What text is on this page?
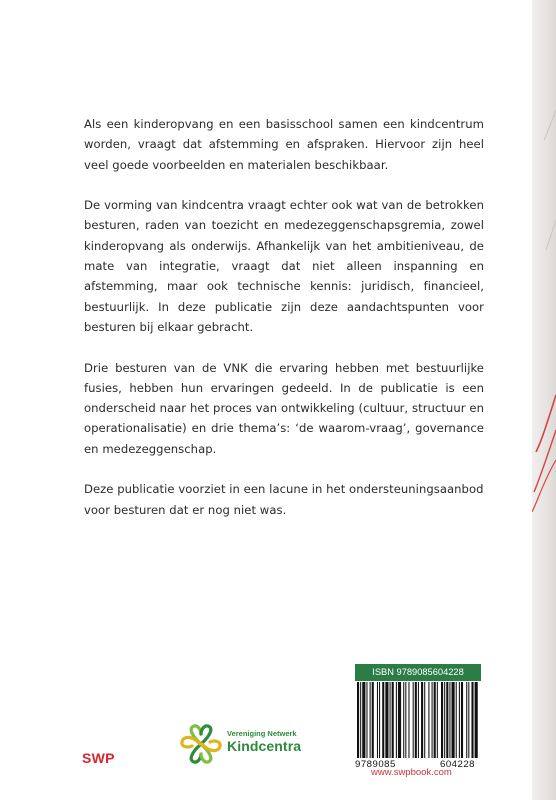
Als een kinderopvang en een basisschool samen een kindcentrum worden, vraagt dat afstemming en afspraken. Hiervoor zijn heel veel goede voorbeelden en materialen beschikbaar.

De vorming van kindcentra vraagt echter ook wat van de betrokken besturen, raden van toezicht en medezeggenschapsgremia, zowel kinderopvang als onderwijs. Afhankelijk van het ambitieniveau, de mate van integratie, vraagt dat niet alleen inspanning en afstemming, maar ook technische kennis: juridisch, financieel, bestuurlijk. In deze publicatie zijn deze aandachtspunten voor besturen bij elkaar gebracht.

Drie besturen van de VNK die ervaring hebben met bestuurlijke fusies, hebben hun ervaringen gedeeld. In de publicatie is een onderscheid naar het proces van ontwikkeling (cultuur, structuur en operationalisatie) en drie thema’s: ‘de waarom-vraag’, governance en medezeggenschap.

Deze publicatie voorziet in een lacune in het ondersteuningsaanbod voor besturen dat er nog niet was.

SWP
Vereniging Netwerk
Kindcentra
ISBN 9789085604228
9789085	604228
www.swpbook.com
